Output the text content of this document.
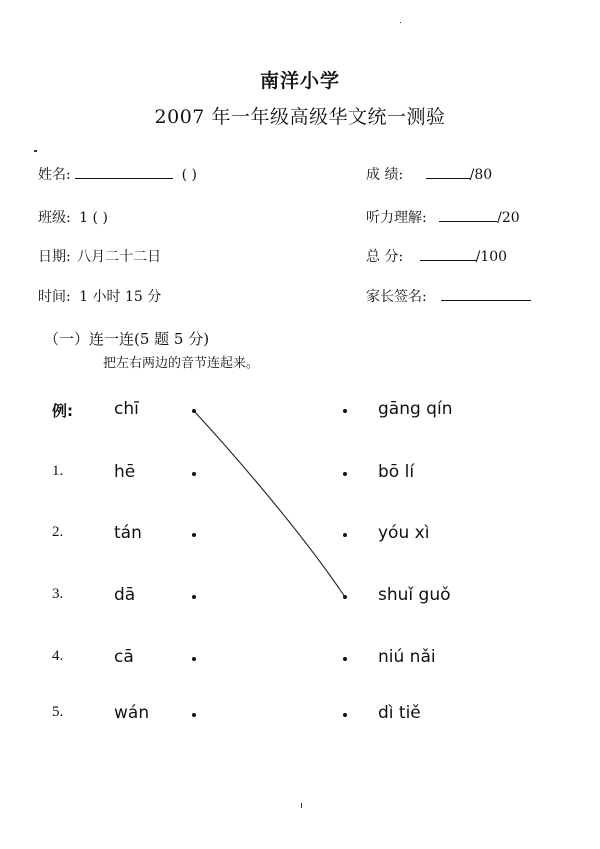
南洋小学
2007 年一年级高级华文统一测验
姓名:	( )
班级: 1 ( )
日期: 八月二十二日
时间: 1 小时 15 分
成 绩:	/80
听力理解:	/20
总 分:	/100
家长签名:
（一）连一连(5 题 5 分)
把左右两边的音节连起来。
例: chī	gāng qín
1.	hē	bō lí
2.	tán	yóu xì
3.	dā	shuǐ guǒ
4.	cā	niú nǎi
5.	wán	dì tiě
